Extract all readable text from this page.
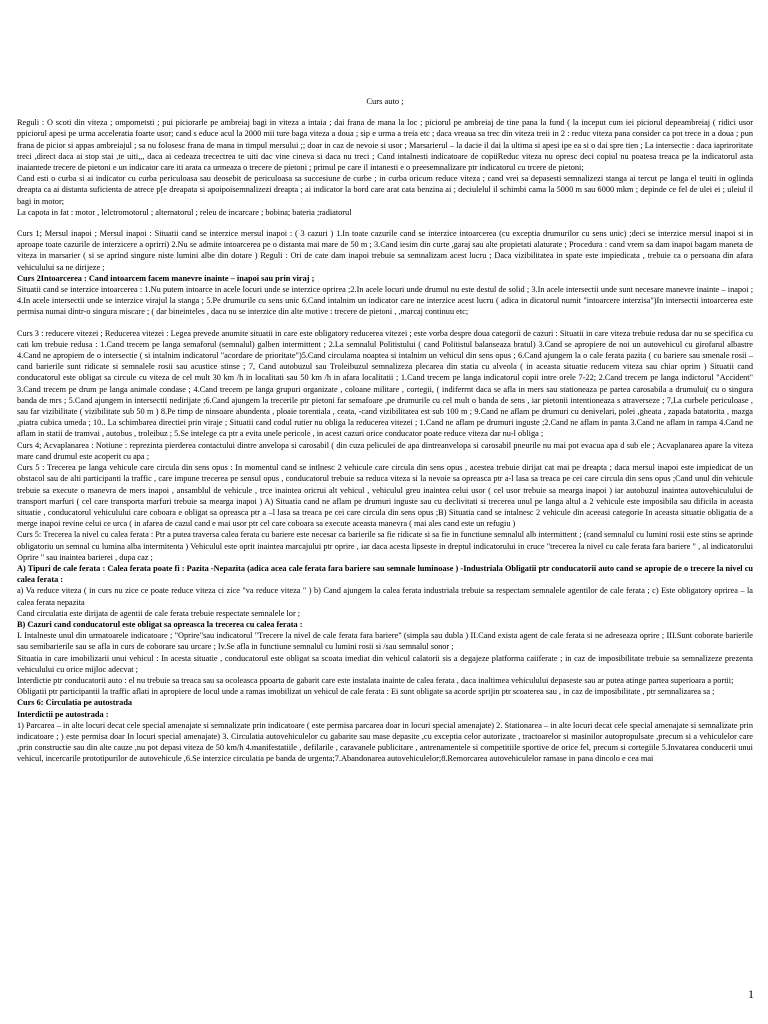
Curs auto ;

Reguli : O scoti din viteza ; ompometsti ; pui piciorarle pe ambreiaj bagi in viteza a intaia ; dai frana de mana la loc ; piciorul pe ambreiaj de tine pana la fund ( la inceput cum iei piciorul depeambreiaj ( ridici usor ppiciorul apesi pe urma acceleratia foarte usor; cand s educe acul la 2000 mii ture baga viteza a doua ; sip e urma a treia etc ; daca vreaua sa trec din viteza treii in 2 : reduc viteza pana consider ca pot trece in a doua ; pun frana de picior si appas ambreiajul ; sa nu folosesc frana de mana in timpul mersului ;; doar in caz de nevoie si usor ; Marsarierul – la dacie il dai la ultima si apesi ipe ea si o dai spre tien ; La intersectie : daca iapriroritate treci ,direct daca ai stop stai ,te uiti,,, daca ai cedeaza trecectrea te uiti dac vine cineva si daca nu treci ; Cand intalnesti indicatoare de copiiReduc viteza nu opresc deci copiul nu poatesa treaca pe la indicatorul asta inaiantede trecere de pietoni e un indicator care iti arata ca urmeaza o trecere de pietoni ; primul pe care il intanesti e o preesemnalizare ptr indicatorul cu trcere de pietoni;

Cand esti o curba si ai indicator cu curba periculoasa sau deosebit de periculoasa sa succesiune de curbe ; in curba oricum reduce viteza ; cand vrei sa depasesti semnalizezi stanga ai tercut pe langa el teuiti in oglinda dreapta ca ai distanta suficienta de atrece p[e dreapata si apoipoisemnalizezi dreapta ; ai indicator la bord care arat cata benzina ai ; deciulelul il schimbi cama la 5000 m sau 6000 mkm ; depinde ce fel de ulei ei ; uleiul il bagi in motor;

La capota in fat : motor , lelctromotorul ; alternatorul ; releu de incarcare ; bobina; bateria ;radiatorul

Curs 1; Mersul inapoi ; Mersul inapoi : Situatii cand se interzice mersul inapoi : ( 3 cazuri ) 1.In toate cazurile cand se interzice intoarcerea (cu exceptia drumurilor cu sens unic) ;deci se interzice mersul inapoi si in aproape toate cazurile de interzicere a oprirri) 2.Nu se admite intoarcerea pe o distanta mai mare de 50 m ; 3.Cand iesim din curte ,garaj sau alte propietati alaturate ; Procedura : cand vrem sa dam inapoi bagam maneta de viteza in marsarier ( si se aprind singure niste lumini albe din dotare ) Reguli : Ori de cate dam inapoi trebuie sa semnalizam acest lucru ; Daca vizibilitatea in spate este impiedicata , trebuie ca o persoana din afara vehiculului sa ne dirijeze ;

Curs 2Intoarcerea : Cand intoarcem facem manevre inainte – inapoi sau prin viraj ;

Situatii cand se interzice intoarcerea : 1.Nu putem intoarce in acele locuri unde se interzice oprirea ;2.In acele locuri unde drumul nu este destul de solid ; 3.In acele intersectii unde sunt necesare manevre inainte – inapoi ; 4.In acele intersectii unde se interzice virajul la stanga ; 5.Pe drumurile cu sens unic 6.Cand intalnim un indicator care ne interzice acest lucru ( adica in dicatorul numit "intoarcere interzisa")In intersectii intoarcerea este permisa numai dintr-o singura miscare ; ( dar bineinteles , daca nu se interzice din alte motive : trecere de pietoni , ,marcaj continuu etc;

Curs 3 : reducere vitezei ; Reducerea vitezei : Legea prevede anumite situatii in care este obligatory reducerea vitezei ; este vorba despre doua categorii de cazuri : Situatii in care viteza trebuie redusa dar nu se specifica cu cati km trebuie redusa : 1.Cand trecem pe langa semaforul (semnalul) galben intermittent ; 2.La semnalul Politistului ( cand Politistul balanseaza bratul) 3.Cand se apropiere de noi un autovehicul cu girofarul albastre 4.Cand ne apropiem de o intersectie ( si intalnim indicatorul "acordare de prioritate")5.Cand circulama noaptea si intalnim un vehicul din sens opus ; 6.Cand ajungem la o cale ferata pazita ( cu bariere sau smenale rosii – cand barierile sunt ridicate si semnalele rosii sau acustice stinse ; 7, Cand autobuzul sau Troleibuzul semnalizeza plecarea din statia cu alveola ( in aceasta situatie reducem viteza sau chiar oprim ) Situatii cand conducatorul este obligat sa circule cu viteza de cel mult 30 km /h in localitati sau 50 km /h in afara localitatii ; 1.Cand trecem pe langa indicatorul copii intre orele 7-22; 2.Cand trecem pe langa indictorul "Accident" 3.Cand trecem pe drum pe langa animale condase ; 4.Cand trecem pe langa grupuri organizate , coloane militare , cortegii, ( indiferrnt daca se afla in mers sau stationeaza pe partea carosabila a drumului( cu o singura banda de mrs ; 5.Cand ajungem in intersectii nedirijate ;6.Cand ajungem la trecerile ptr pietoni far semafoare ,pe drumurile cu cel mult o banda de sens , iar pietonii intentioneaza s atraverseze ; 7,La curbele periculoase , sau far vizibilitate ( vizibilitate sub 50 m ) 8.Pe timp de ninsoare abundenta , ploaie torentiala , ceata, -cand vizibilitatea est sub 100 m ; 9.Cand ne aflam pe drumuri cu denivelari, polei ,gheata , zapada batatorita , mazga ,piatra cubica umeda ; 10.. La schimbarea directiei prin viraje ; Situatii cand codul rutier nu obliga la reducerea vitezei ; 1.Cand ne aflam pe drumuri inguste ;2.Cand ne aflam in panta 3.Cand ne aflam in rampa 4.Cand ne aflam in statii de tramvai , autobus , troleibuz ; 5.Se intelege ca ptr a evita unele pericole , in acest cazuri orice conducator poate reduce viteza dar nu-l obliga ;

Curs 4; Acvaplanarea : Notiune : reprezinta pierderea contactului dintre anvelopa si carosabil ( din cuza peliculei de apa dintreanvelopa si carosabil pneurile nu mai pot evacua apa d sub ele ; Acvaplanarea apare la viteza mare cand drumul este acoperit cu apa ;

Curs 5 : Trecerea pe langa vehicule care circula din sens opus : In momentul cand se intlnesc 2 vehicule care circula din sens opus , acestea trebuie dirijat cat mai pe dreapta ; daca mersul inapoi este impiedicat de un obstacol sau de alti participanti la traffic , care impune trecerea pe sensul opus , conducatorul trebuie sa reduca viteza si la nevoie sa opreasca ptr a-l lasa sa treaca pe cei care circula din sens opus ;Cand unul din vehicule trebuie sa execute o manevra de mers inapoi , ansamblul de vehicule , trce inaintea oricrui alt vehicul , vehiculul greu inaintea celui usor ( cel usor trebuie sa mearga inapoi ) iar autobuzul inaintea autovehiculului de transport marfuri ( cel care transporta marfuri trebuie sa mearga inapoi ) A) Situatia cand ne aflam pe drumuri inguste sau cu declivitati si trecerea unul pe langa altul a 2 vehicule este imposibila sau dificila in aceasta situatie , conducatorul vehiculului care coboara e obligat sa opreasca ptr a –l lasa sa treaca pe cei care circula din sens opus ;B) Situatia cand se intalnesc 2 vehicule din aceeasi categorie In aceasta situatie obligatia de a merge inapoi revine celui ce urca ( in afarea de cazul cand e mai usor ptr cel care coboara sa execute aceasta manevra ( mai ales cand este un refugiu )

Curs 5: Trecerea la nivel cu calea ferata : Ptr a putea traversa calea ferata cu bariere este necesar ca barierile sa fie ridicate si sa fie in functiune semnalul alb intermittent ; (cand semnalul cu lumini rosii este stins se aprinde obligatoriu un semnal cu lumina alba intermitenta ) Vehiculul este oprit inaintea marcajului ptr oprire , iar daca acesta lipseste in dreptul indicatorului in cruce "trecerea la nivel cu cale ferata fara bariere " , al indicatorului Oprire " sau inaintea barierei , dupa caz ;

A) Tipuri de cale ferata : Calea ferata poate fi : Pazita -Nepazita (adica acea cale ferata fara bariere sau semnale luminoase ) -Industriala Obligatii ptr conducatorii auto cand se apropie de o trecere la nivel cu calea ferata :

a) Va reduce viteza ( in curs nu zice ce poate reduce viteza ci zice "va reduce viteza " ) b) Cand ajungem la calea ferata industriala trebuie sa respectam semnalele agentilor de cale ferata ; c) Este obligatory oprirea – la calea ferata nepazita

Cand circulatia este dirijata de agentii de cale ferata trebuie respectate semnalele lor ;

B) Cazuri cand conducatorul este obligat sa opreasca la trecerea cu calea ferata :

I. Intalneste unul din urmatoarele indicatoare ; "Oprire"sau indicatorul "Trecere la nivel de cale ferata fara bariere" (simpla sau dubla ) II.Cand exista agent de cale ferata si ne adreseaza oprire ; III.Sunt coborate barierile sau semibarierile sau se afla in curs de coborare sau urcare ; Iv.Se afla in functiune semnalul cu lumini rosii si /sau semnalul sonor ;

Situatia in care imobilizarii unui vehicul : In acesta situatie , conducatorul este obligat sa scoata imediat din vehicul calatorii sis a degajeze platforma caiiferate ; in caz de imposibilitate trebuie sa semnalizeze prezenta vehiculului cu orice mijloc adecvat ;

Interdictie ptr conducatorii auto : el nu trebuie sa treaca sau sa ocoleasca ppoarta de gabarit care este instalata inainte de calea ferata , daca inaltimea vehiculului depaseste sau ar putea atinge partea superioara a portii;

Obligatii ptr participantii la traffic aflati in apropiere de locul unde a ramas imobilizat un vehicul de cale ferata : Ei sunt obligate sa acorde sprijin ptr scoaterea sau , in caz de imposibilitate , ptr semnalizarea sa ;

Curs 6: Circulatia pe autostrada

Interdictii pe autostrada :

1) Parcarea – in alte locuri decat cele special amenajate si semnalizate prin indicatoare ( este permisa parcarea doar in locuri special amenajate) 2. Stationarea – in alte locuri decat cele special amenajate si semnalizate prin indicatoare ; ) este permisa doar In locuri special amenajate) 3. Circulatia autovehiculelor cu gabarite sau mase depasite ,cu exceptia celor autorizate , tractoarelor si masinilor autopropulsate ,precum si a vehiculelor care ,prin constructie sau din alte cauze ,nu pot depasi viteza de 50 km/h 4.manifestatiile , defilarile , caravanele publicitare , antrenamentele si competitiile sportive de orice fel, precum si cortegiile 5.Invatarea conducerii unui vehicul, incercarile prototipurilor de autovehicule ,6.Se interzice circulatia pe banda de urgenta;7.Abandonarea autovehiculelor;8.Remorcarea autovehiculelor ramase in pana dincolo e cea mai

1
